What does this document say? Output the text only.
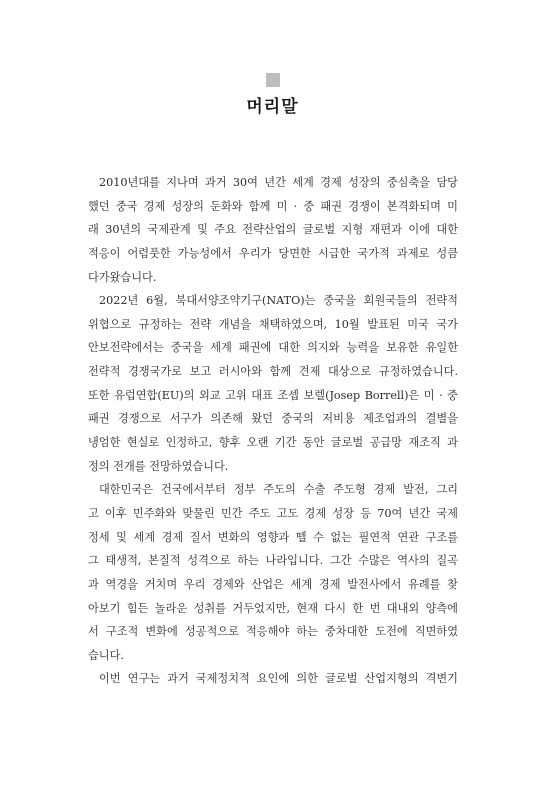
머리말
2010년대를 지나며 과거 30여 년간 세계 경제 성장의 중심축을 담당
했던 중국 경제 성장의 둔화와 함께 미 · 중 패권 경쟁이 본격화되며 미
래 30년의 국제관계 및 주요 전략산업의 글로벌 지형 재편과 이에 대한
적응이 어렴풋한 가능성에서 우리가 당면한 시급한 국가적 과제로 성큼
다가왔습니다.
2022년 6월, 북대서양조약기구(NATO)는 중국을 회원국들의 전략적
위협으로 규정하는 전략 개념을 채택하였으며, 10월 발표된 미국 국가
안보전략에서는 중국을 세계 패권에 대한 의지와 능력을 보유한 유일한
전략적 경쟁국가로 보고 러시아와 함께 견제 대상으로 규정하였습니다.
또한 유럽연합(EU)의 외교 고위 대표 조셉 보렐(Josep Borrell)은 미 · 중
패권 경쟁으로 서구가 의존해 왔던 중국의 저비용 제조업과의 결별을
냉엄한 현실로 인정하고, 향후 오랜 기간 동안 글로벌 공급망 재조직 과
정의 전개를 전망하였습니다.
대한민국은 건국에서부터 정부 주도의 수출 주도형 경제 발전, 그리
고 이후 민주화와 맞물린 민간 주도 고도 경제 성장 등 70여 년간 국제
정세 및 세계 경제 질서 변화의 영향과 뗄 수 없는 필연적 연관 구조를
그 태생적, 본질적 성격으로 하는 나라입니다. 그간 수많은 역사의 질곡
과 역경을 거치며 우리 경제와 산업은 세계 경제 발전사에서 유례를 찾
아보기 힘든 놀라운 성취를 거두었지만, 현재 다시 한 번 대내외 양측에
서 구조적 변화에 성공적으로 적응해야 하는 중차대한 도전에 직면하였
습니다.
이번 연구는 과거 국제정치적 요인에 의한 글로벌 산업지형의 격변기
